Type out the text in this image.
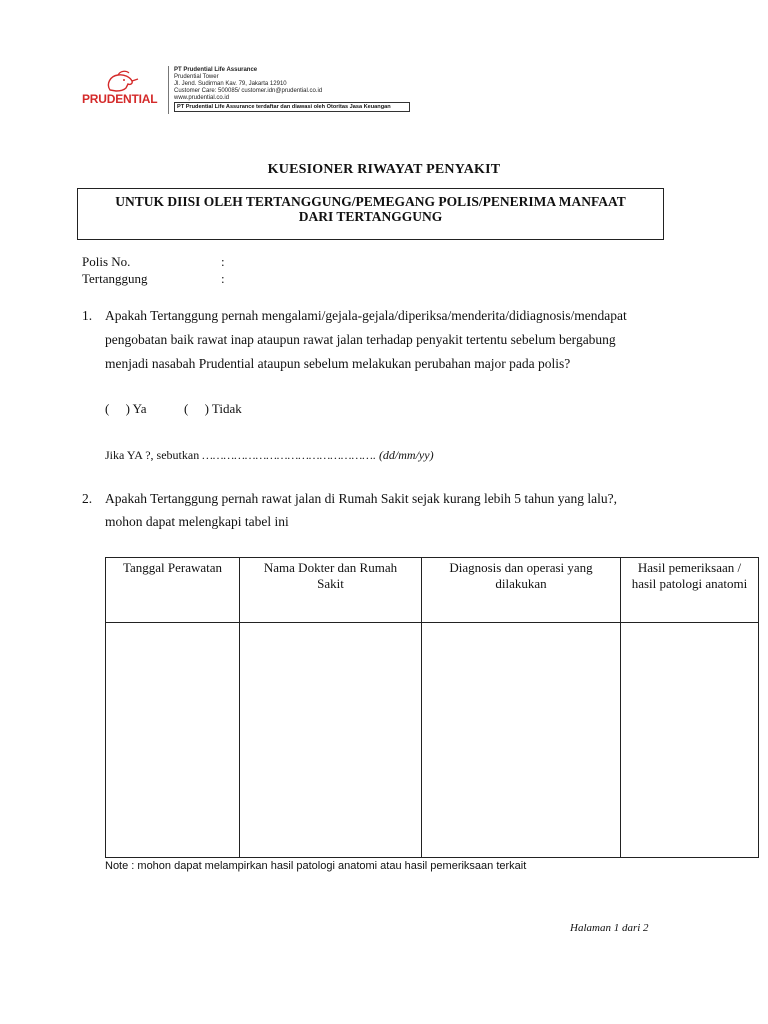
PRUDENTIAL
PT Prudential Life Assurance
Prudential Tower
Jl. Jend. Sudirman Kav. 79, Jakarta 12910
Customer Care: 500085/ customer.idn@prudential.co.id
www.prudential.co.id
PT Prudential Life Assurance terdaftar dan diawasi oleh Otoritas Jasa Keuangan
KUESIONER RIWAYAT PENYAKIT
UNTUK DIISI OLEH TERTANGGUNG/PEMEGANG POLIS/PENERIMA MANFAAT
DARI TERTANGGUNG
Polis No.	:
Tertanggung	:
1. Apakah Tertanggung pernah mengalami/gejala-gejala/diperiksa/menderita/didiagnosis/mendapat
pengobatan baik rawat inap ataupun rawat jalan terhadap penyakit tertentu sebelum bergabung
menjadi nasabah Prudential ataupun sebelum melakukan perubahan major pada polis?
(     ) Ya	(     ) Tidak
Jika YA ?, sebutkan …………………………………………. (dd/mm/yy)
2. Apakah Tertanggung pernah rawat jalan di Rumah Sakit sejak kurang lebih 5 tahun yang lalu?,
mohon dapat melengkapi tabel ini
Tanggal Perawatan	Nama Dokter dan Rumah Sakit	Diagnosis dan operasi yang dilakukan	Hasil pemeriksaan / hasil patologi anatomi

Note : mohon dapat melampirkan hasil patologi anatomi atau hasil pemeriksaan terkait
Halaman 1 dari 2
